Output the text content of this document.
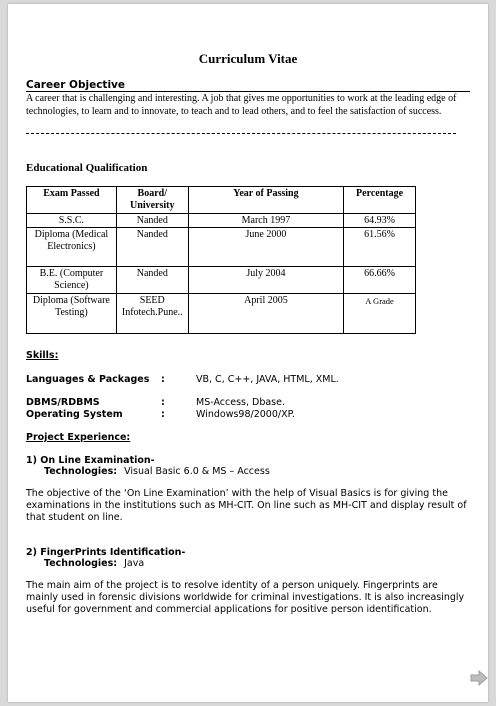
Curriculum Vitae
Career Objective
A career that is challenging and interesting. A job that gives me opportunities to work at the leading edge of technologies, to learn and to innovate, to teach and to lead others, and to feel the satisfaction of success.
Educational Qualification
Exam Passed	Board/ University	Year of Passing	Percentage
S.S.C.	Nanded	March 1997	64.93%
Diploma (Medical Electronics)	Nanded	June 2000	61.56%
B.E. (Computer Science)	Nanded	July 2004	66.66%
Diploma (Software Testing)	SEED Infotech.Pune..	April 2005	A Grade
Skills:
Languages & Packages :	VB, C, C++, JAVA, HTML, XML.
DBMS/RDBMS	:	MS-Access, Dbase.
Operating System	:	Windows98/2000/XP.
Project Experience:
1) On Line Examination-
Technologies: Visual Basic 6.0 & MS – Access
The objective of the ‘On Line Examination’ with the help of Visual Basics is for giving the examinations in the institutions such as MH-CIT. On line such as MH-CIT and display result of that student on line.
2) FingerPrints Identification-
Technologies: Java
The main aim of the project is to resolve identity of a person uniquely. Fingerprints are mainly used in forensic divisions worldwide for criminal investigations. It is also increasingly useful for government and commercial applications for positive person identification.
